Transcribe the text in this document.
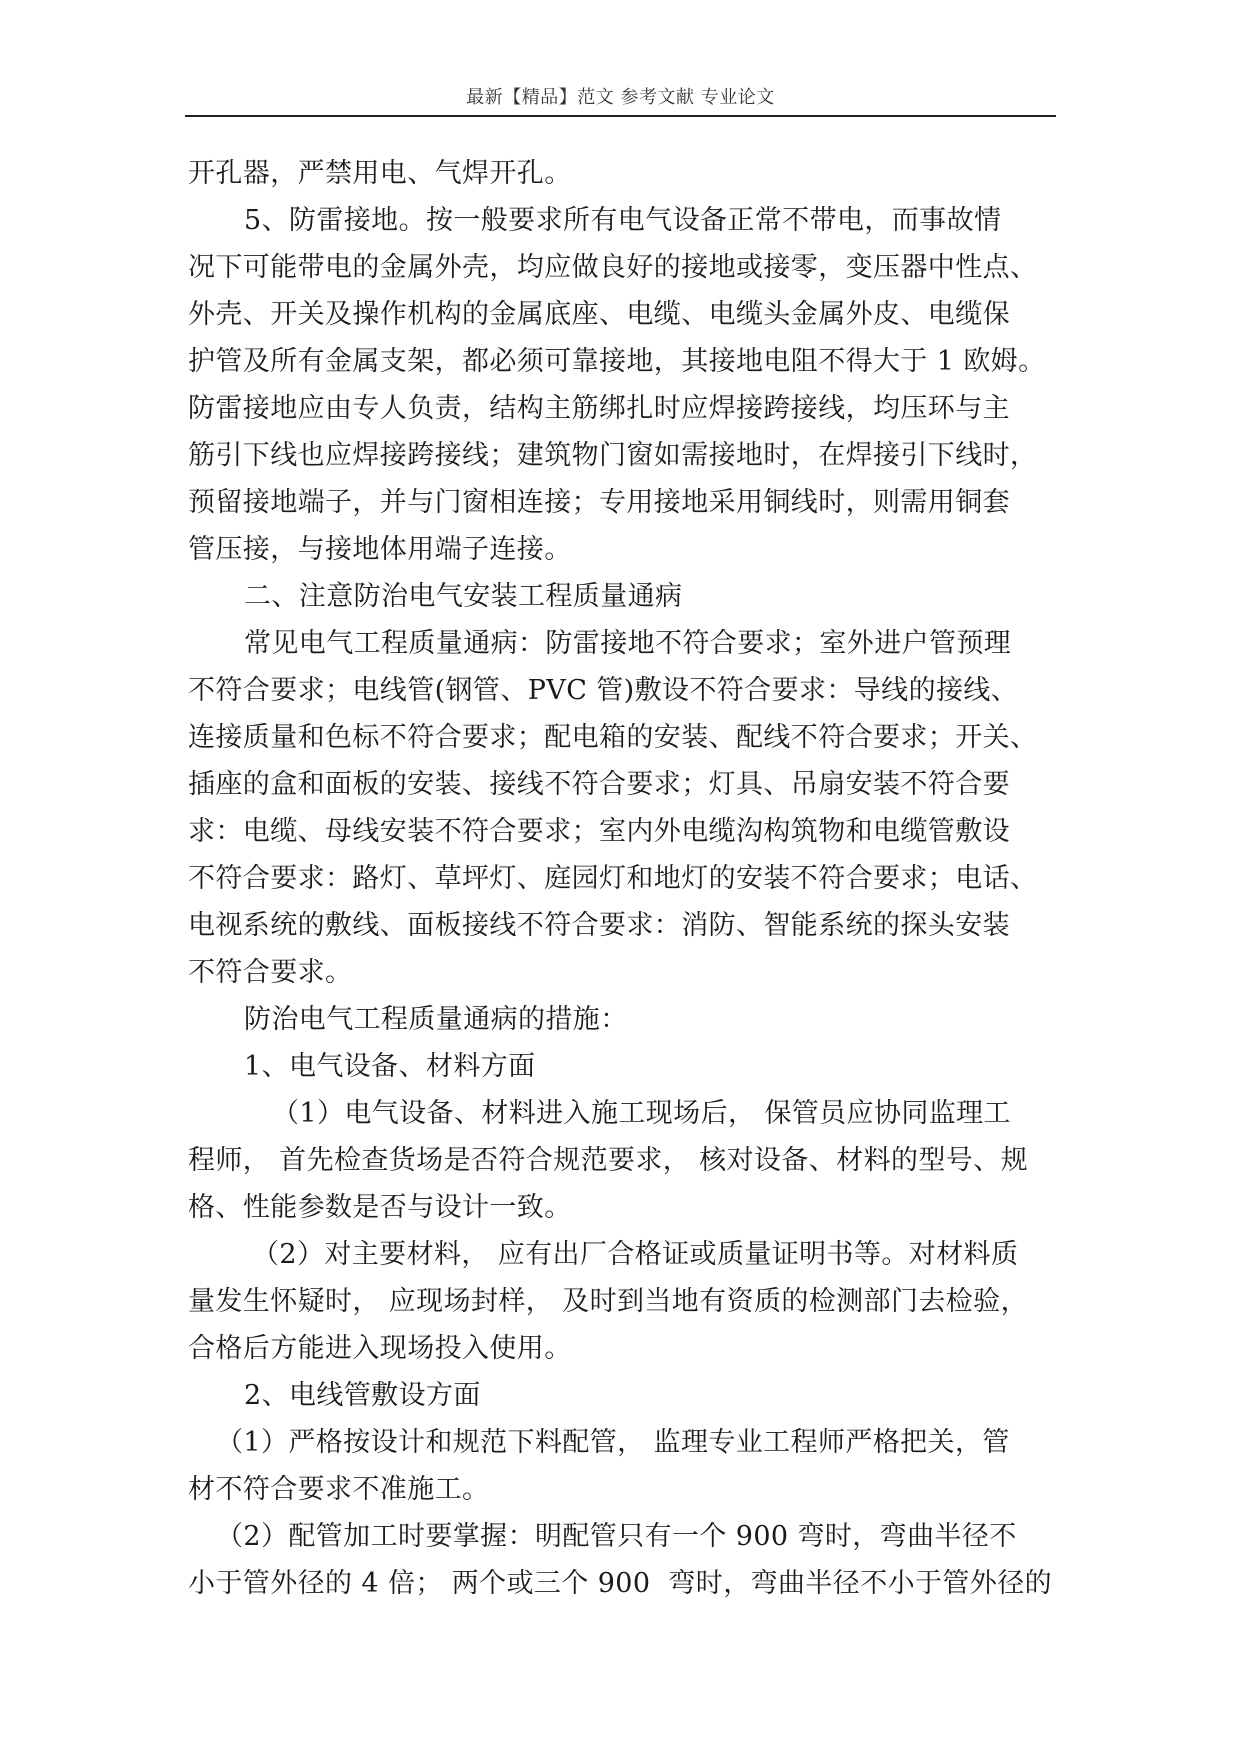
最新【精品】范文 参考文献 专业论文

开孔器，严禁用电、气焊开孔。

5、防雷接地。按一般要求所有电气设备正常不带电，而事故情

况下可能带电的金属外壳，均应做良好的接地或接零，变压器中性点、

外壳、开关及操作机构的金属底座、电缆、电缆头金属外皮、电缆保

护管及所有金属支架，都必须可靠接地，其接地电阻不得大于 1 欧姆。

防雷接地应由专人负责，结构主筋绑扎时应焊接跨接线，均压环与主

筋引下线也应焊接跨接线；建筑物门窗如需接地时，在焊接引下线时，

预留接地端子，并与门窗相连接；专用接地采用铜线时，则需用铜套

管压接，与接地体用端子连接。

二、注意防治电气安装工程质量通病

常见电气工程质量通病：防雷接地不符合要求；室外进户管预理

不符合要求；电线管(钢管、PVC 管)敷设不符合要求：导线的接线、

连接质量和色标不符合要求；配电箱的安装、配线不符合要求；开关、

插座的盒和面板的安装、接线不符合要求；灯具、吊扇安装不符合要

求：电缆、母线安装不符合要求；室内外电缆沟构筑物和电缆管敷设

不符合要求：路灯、草坪灯、庭园灯和地灯的安装不符合要求；电话、

电视系统的敷线、面板接线不符合要求：消防、智能系统的探头安装

不符合要求。

防治电气工程质量通病的措施：

1、电气设备、材料方面

（1）电气设备、材料进入施工现场后， 保管员应协同监理工

程师， 首先检查货场是否符合规范要求， 核对设备、材料的型号、规

格、性能参数是否与设计一致。

（2）对主要材料， 应有出厂合格证或质量证明书等。对材料质

量发生怀疑时， 应现场封样， 及时到当地有资质的检测部门去检验，

合格后方能进入现场投入使用。

2、电线管敷设方面

（1）严格按设计和规范下料配管， 监理专业工程师严格把关，管

材不符合要求不准施工。

（2）配管加工时要掌握：明配管只有一个 900 弯时，弯曲半径不

小于管外径的 4 倍； 两个或三个 900  弯时，弯曲半径不小于管外径的
